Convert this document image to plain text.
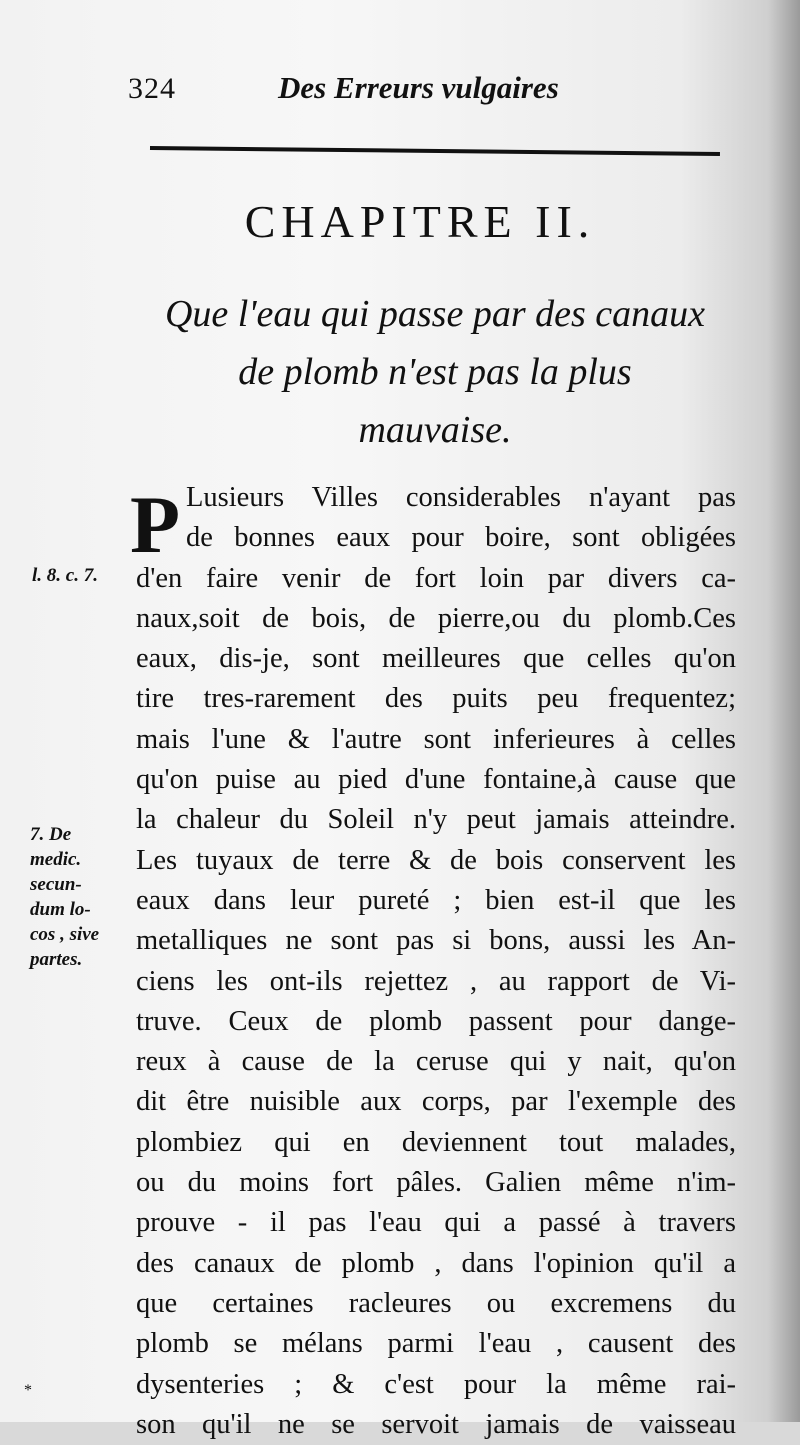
324	Des Erreurs vulgaires
CHAPITRE II.
Que l'eau qui passe par des canaux
de plomb n'est pas la plus
mauvaise.
P Lusieurs Villes considerables n'ayant pas
de bonnes eaux pour boire, sont obligées
d'en faire venir de fort loin par divers ca-
naux,soit de bois, de pierre,ou du plomb.Ces
eaux, dis-je, sont meilleures que celles qu'on
tire tres-rarement des puits peu frequentez;
mais l'une & l'autre sont inferieures à celles
qu'on puise au pied d'une fontaine,à cause que
la chaleur du Soleil n'y peut jamais atteindre.
Les tuyaux de terre & de bois conservent les
eaux dans leur pureté ; bien est-il que les
metalliques ne sont pas si bons, aussi les An-
ciens les ont-ils rejettez , au rapport de Vi-
truve. Ceux de plomb passent pour dange-
reux à cause de la ceruse qui y nait, qu'on
dit être nuisible aux corps, par l'exemple des
plombiez qui en deviennent tout malades,
ou du moins fort pâles. Galien même n'im-
prouve - il pas l'eau qui a passé à travers
des canaux de plomb , dans l'opinion qu'il a
que certaines racleures ou excremens du
plomb se mélans parmi l'eau , causent des
dysenteries ; & c'est pour la même rai-
son qu'il ne se servoit jamais de vaisseau
l. 8. c. 7.
7. De
medic.
secun-
dum lo-
cos , sive
partes.
*
